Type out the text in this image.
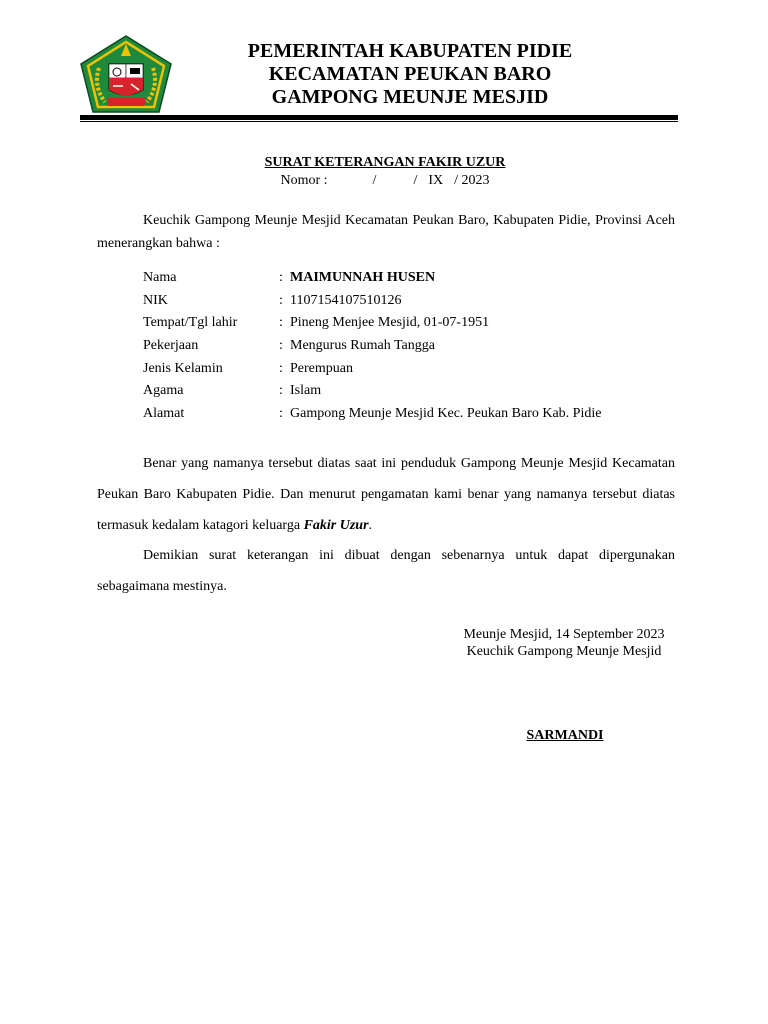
PEMERINTAH KABUPATEN PIDIE
KECAMATAN PEUKAN BARO
GAMPONG MEUNJE MESJID
SURAT KETERANGAN FAKIR UZUR
Nomor :	/	/ IX / 2023
Keuchik Gampong Meunje Mesjid Kecamatan Peukan Baro, Kabupaten Pidie, Provinsi Aceh menerangkan bahwa :
Nama	: MAIMUNNAH HUSEN
NIK	: 1107154107510126
Tempat/Tgl lahir	: Pineng Menjee Mesjid, 01-07-1951
Pekerjaan	: Mengurus Rumah Tangga
Jenis Kelamin	: Perempuan
Agama	: Islam
Alamat	: Gampong Meunje Mesjid Kec. Peukan Baro Kab. Pidie
Benar yang namanya tersebut diatas saat ini penduduk Gampong Meunje Mesjid Kecamatan Peukan Baro Kabupaten Pidie. Dan menurut pengamatan kami benar yang namanya tersebut diatas termasuk kedalam katagori keluarga Fakir Uzur.
Demikian surat keterangan ini dibuat dengan sebenarnya untuk dapat dipergunakan sebagaimana mestinya.
Meunje Mesjid, 14 September 2023
Keuchik Gampong Meunje Mesjid
SARMANDI
